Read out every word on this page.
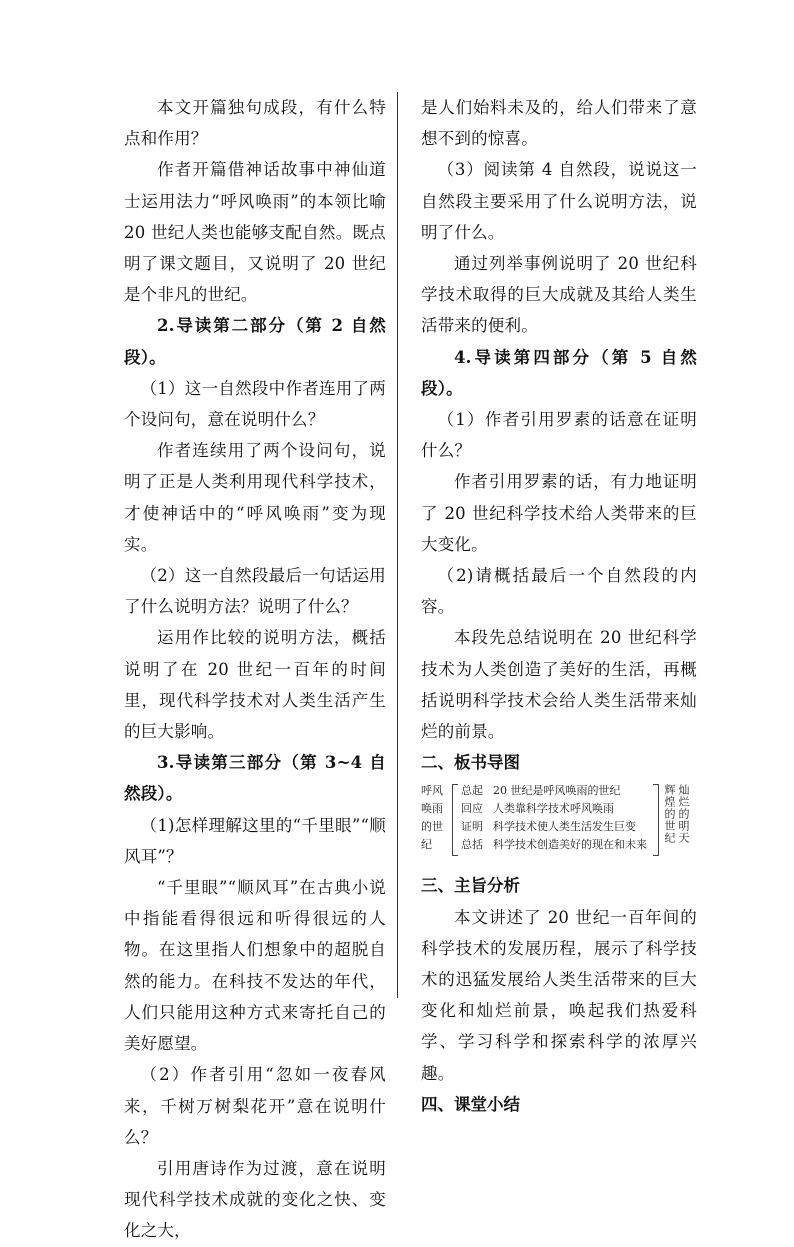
本文开篇独句成段，有什么特点和作用？

作者开篇借神话故事中神仙道士运用法力“呼风唤雨”的本领比喻 20 世纪人类也能够支配自然。既点明了课文题目，又说明了 20 世纪是个非凡的世纪。

2.导读第二部分（第 2 自然段）。

（1）这一自然段中作者连用了两个设问句，意在说明什么？

作者连续用了两个设问句，说明了正是人类利用现代科学技术，才使神话中的“呼风唤雨”变为现实。

（2）这一自然段最后一句话运用了什么说明方法？说明了什么？

运用作比较的说明方法，概括说明了在 20 世纪一百年的时间里，现代科学技术对人类生活产生的巨大影响。

3.导读第三部分（第 3~4 自然段）。

（1)怎样理解这里的“千里眼”“顺风耳”？

“千里眼”“顺风耳”在古典小说中指能看得很远和听得很远的人物。在这里指人们想象中的超脱自然的能力。在科技不发达的年代，人们只能用这种方式来寄托自己的美好愿望。

（2）作者引用“忽如一夜春风来，千树万树梨花开”意在说明什么？

引用唐诗作为过渡，意在说明现代科学技术成就的变化之快、变化之大，

是人们始料未及的，给人们带来了意想不到的惊喜。

（3）阅读第 4 自然段，说说这一自然段主要采用了什么说明方法，说明了什么。

通过列举事例说明了 20 世纪科学技术取得的巨大成就及其给人类生活带来的便利。

4.导读第四部分（第 5 自然段）。

（1）作者引用罗素的话意在证明什么？

作者引用罗素的话，有力地证明了 20 世纪科学技术给人类带来的巨大变化。

（2)请概括最后一个自然段的内容。

本段先总结说明在 20 世纪科学技术为人类创造了美好的生活，再概括说明科学技术会给人类生活带来灿烂的前景。

二、板书导图

呼风
唤雨
的世
纪
总起
回应
证明
总括
20 世纪是呼风唤雨的世纪
人类靠科学技术呼风唤雨
科学技术使人类生活发生巨变
科学技术创造美好的现在和未来
辉煌的世纪 灿烂的明天

三、主旨分析

本文讲述了 20 世纪一百年间的科学技术的发展历程，展示了科学技术的迅猛发展给人类生活带来的巨大变化和灿烂前景，唤起我们热爱科学、学习科学和探索科学的浓厚兴趣。

四、课堂小结
